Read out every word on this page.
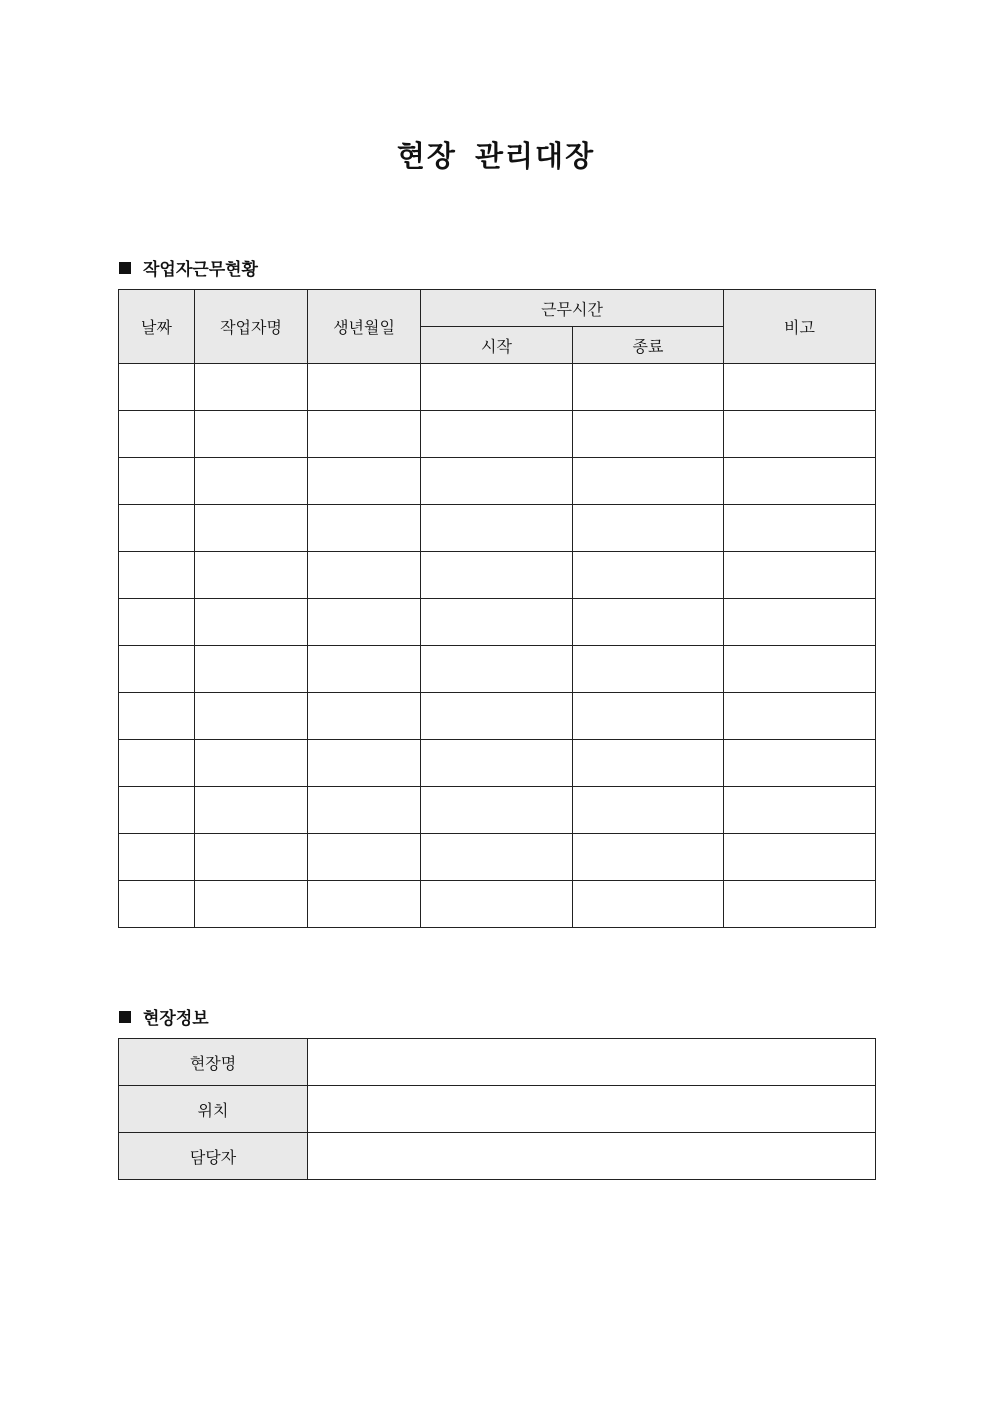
현장 관리대장
작업자근무현황
날짜	작업자명	생년월일	근무시간		비고
			시작	종료	

현장정보
현장명	
위치	
담당자	
